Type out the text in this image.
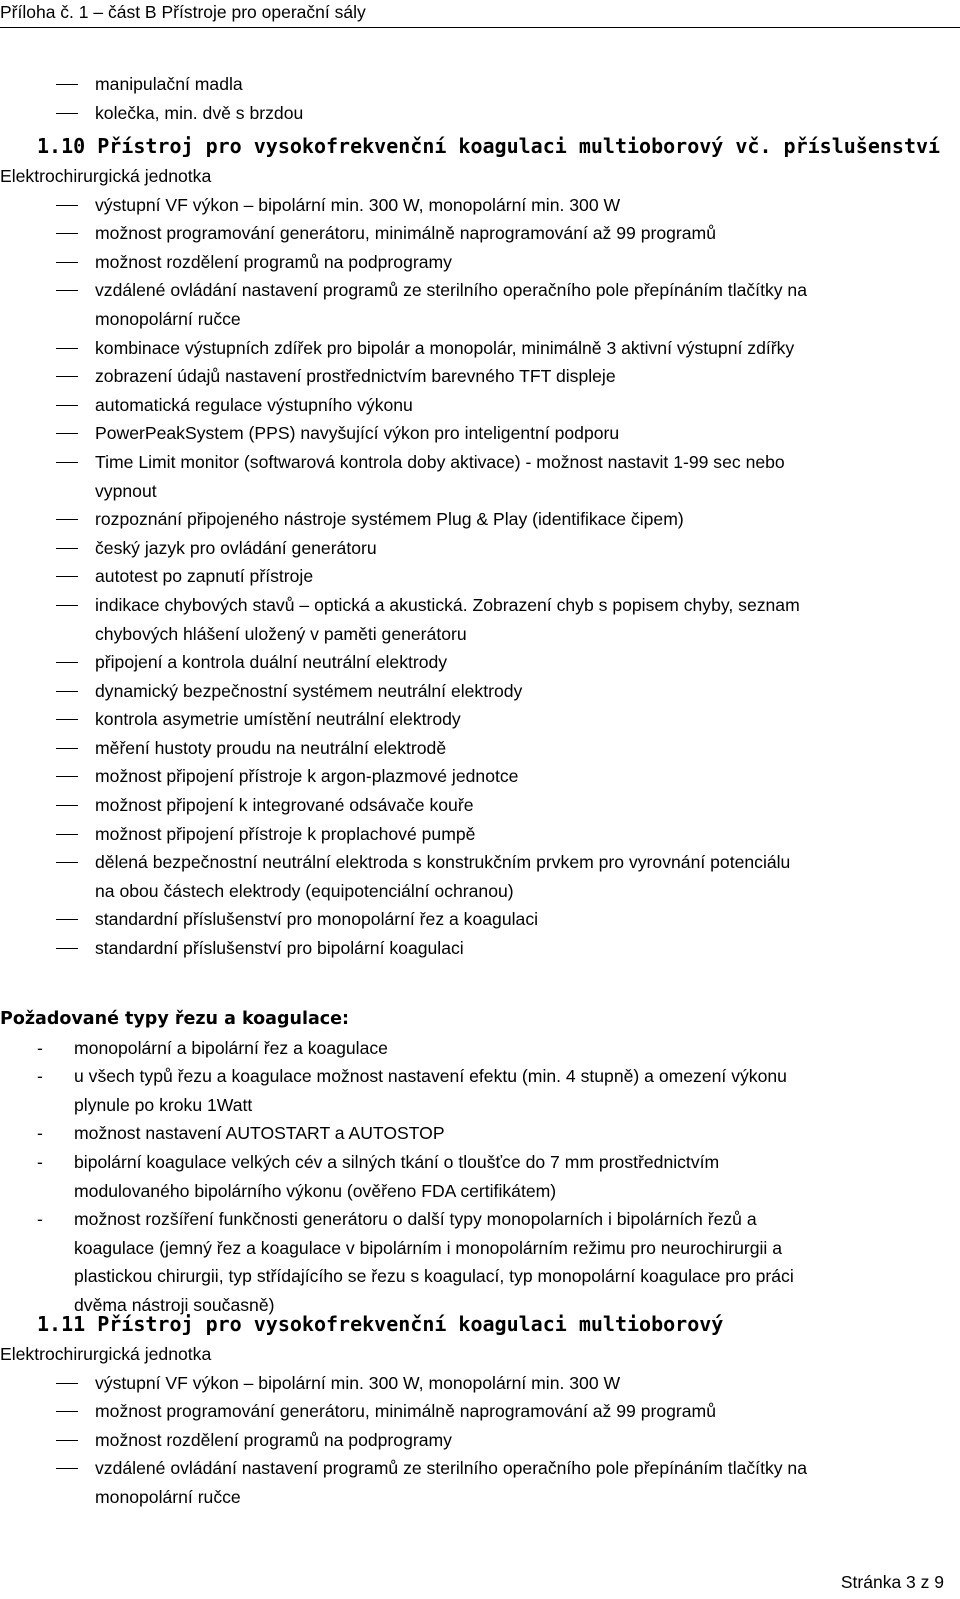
Příloha č. 1 – část B Přístroje pro operační sály
manipulační madla
kolečka, min. dvě s brzdou
1.10 Přístroj pro vysokofrekvenční koagulaci multioborový vč. příslušenství
Elektrochirurgická jednotka
výstupní VF výkon – bipolární min. 300 W, monopolární min. 300 W
možnost programování generátoru, minimálně naprogramování až 99 programů
možnost rozdělení programů na podprogramy
vzdálené ovládání nastavení programů ze sterilního operačního pole přepínáním tlačítky na
monopolární ručce
kombinace výstupních zdířek pro bipolár a monopolár, minimálně 3 aktivní výstupní zdířky
zobrazení údajů nastavení prostřednictvím barevného TFT displeje
automatická regulace výstupního výkonu
PowerPeakSystem (PPS) navyšující výkon pro inteligentní podporu
Time Limit monitor (softwarová kontrola doby aktivace) - možnost nastavit 1-99 sec nebo
vypnout
rozpoznání připojeného nástroje systémem Plug & Play (identifikace čipem)
český jazyk pro ovládání generátoru
autotest po zapnutí přístroje
indikace chybových stavů – optická a akustická. Zobrazení chyb s popisem chyby, seznam
chybových hlášení uložený v paměti generátoru
připojení a kontrola duální neutrální elektrody
dynamický bezpečnostní systémem neutrální elektrody
kontrola asymetrie umístění neutrální elektrody
měření hustoty proudu na neutrální elektrodě
možnost připojení přístroje k argon-plazmové jednotce
možnost připojení k integrované odsávače kouře
možnost připojení přístroje k proplachové pumpě
dělená bezpečnostní neutrální elektroda s konstrukčním prvkem pro vyrovnání potenciálu
na obou částech elektrody (equipotenciální ochranou)
standardní příslušenství pro monopolární řez a koagulaci
standardní příslušenství pro bipolární koagulaci
Požadované typy řezu a koagulace:
- monopolární a bipolární řez a koagulace
- u všech typů řezu a koagulace možnost nastavení efektu (min. 4 stupně) a omezení výkonu
plynule po kroku 1Watt
- možnost nastavení AUTOSTART a AUTOSTOP
- bipolární koagulace velkých cév a silných tkání o tloušťce do 7 mm prostřednictvím
modulovaného bipolárního výkonu (ověřeno FDA certifikátem)
- možnost rozšíření funkčnosti generátoru o další typy monopolarních i bipolárních řezů a
koagulace (jemný řez a koagulace v bipolárním i monopolárním režimu pro neurochirurgii a
plastickou chirurgii, typ střídajícího se řezu s koagulací, typ monopolární koagulace pro práci
dvěma nástroji současně)
1.11 Přístroj pro vysokofrekvenční koagulaci multioborový
Elektrochirurgická jednotka
výstupní VF výkon – bipolární min. 300 W, monopolární min. 300 W
možnost programování generátoru, minimálně naprogramování až 99 programů
možnost rozdělení programů na podprogramy
vzdálené ovládání nastavení programů ze sterilního operačního pole přepínáním tlačítky na
monopolární ručce
Stránka 3 z 9
